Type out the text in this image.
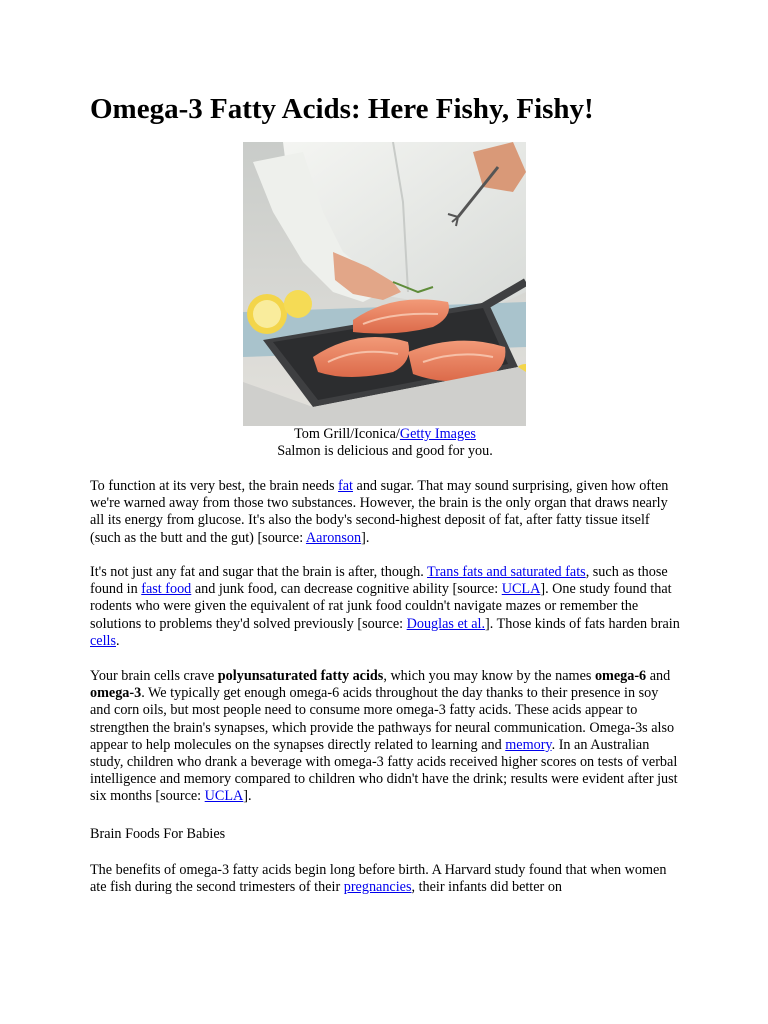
Omega-3 Fatty Acids: Here Fishy, Fishy!
Tom Grill/Iconica/Getty Images
Salmon is delicious and good for you.

To function at its very best, the brain needs fat and sugar. That may sound surprising, given how often we're warned away from those two substances. However, the brain is the only organ that draws nearly all its energy from glucose. It's also the body's second-highest deposit of fat, after fatty tissue itself (such as the butt and the gut) [source: Aaronson].

It's not just any fat and sugar that the brain is after, though. Trans fats and saturated fats, such as those found in fast food and junk food, can decrease cognitive ability [source: UCLA]. One study found that rodents who were given the equivalent of rat junk food couldn't navigate mazes or remember the solutions to problems they'd solved previously [source: Douglas et al.]. Those kinds of fats harden brain cells.

Your brain cells crave polyunsaturated fatty acids, which you may know by the names omega-6 and omega-3. We typically get enough omega-6 acids throughout the day thanks to their presence in soy and corn oils, but most people need to consume more omega-3 fatty acids. These acids appear to strengthen the brain's synapses, which provide the pathways for neural communication. Omega-3s also appear to help molecules on the synapses directly related to learning and memory. In an Australian study, children who drank a beverage with omega-3 fatty acids received higher scores on tests of verbal intelligence and memory compared to children who didn't have the drink; results were evident after just six months [source: UCLA].

Brain Foods For Babies

The benefits of omega-3 fatty acids begin long before birth. A Harvard study found that when women ate fish during the second trimesters of their pregnancies, their infants did better on
